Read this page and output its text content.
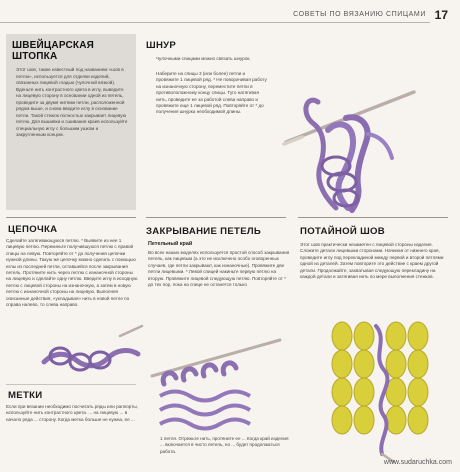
СОВЕТЫ ПО ВЯЗАНИЮ СПИЦАМИ 17
ШВЕЙЦАРСКАЯ ШТОПКА

Этот шов, также известный под названием «шов в петлю», используется для отделки изделий, связанных лицевой гладью (чулочной вязкой). Вденьте нить контрастного цвета в иглу, выведите на лицевую сторону в основании одной из петель, проведите за двумя нитями петли, расположенной рядом выше, и снова введите иглу в основание петли. Такой стежок полностью закрывает лицевую петлю. Для вышивки и сшивания краев используйте специальную иглу с большим ушком и закругленным концом.

ШНУР

Чулочными спицами можно связать шнурок.

Наберите на спицы 3 (или более) петли и провяжите 1 лицевой ряд. * Не поворачивая работу на изнаночную сторону, переместите петли в противоположному концу спицы. Туго натягивая нить, проведите ее за работой слева направо и провяжите еще 1 лицевой ряд. Повторяйте от * до получения шнурка необходимой длины.

ЦЕПОЧКА

Сделайте затягивающуюся петлю. * Выявите из нее 1 лицевую петлю. Перекиньте получившуюся петлю с правой спицы на левую. Повторяйте от * до получения цепочки нужной длины. Такую же цепочку можно сделать с помощью иглы из последней петли, оставшейся после закрывания петель. Протяните нить через петлю с изнаночной стороны на лицевую и сделайте одну петлю. Введите иглу в исходную петлю с лицевой стороны на изнаночную, а затем в новую петлю с изнаночной стороны на лицевую. Выполняя описанные действия, «укладывая» нить в новой петле по справа налево, то слева направо.

МЕТКИ

Если при вязании необходимо посчитать ряды или раппорты, используйте нить контрастного цвета. ... на лицевую ... в начало ряда ... сторону. Когда метка больше не нужна, ее ...

ЗАКРЫВАНИЕ ПЕТЕЛЬ
Петельный край

Во всех наших моделях используется простой способ закрывания петель, как лицевым (а это не исключено особо оговоренных случаев, где петли закрывают, как изнаночные). Провяжите две петли лицевыми. * Левой спицей накиньте первую петлю на вторую. Провяжите лицевой следующую петлю. Повторяйте от * до тех пор, пока на спице не останется только

1 петля. Отрежьте нить, протяните ее ... Когда край изделия ... включается в чисто петель, но ... будет продолжаться работа.

ПОТАЙНОЙ ШОВ

Этот шов практически незаметен с лицевой стороны изделия. Сложите детали лицевыми сторонами. Начиная от нижнего края, проведите иглу под перекладиной между первой и второй петлями одной из деталей. Затем повторите это действие с краем другой детали. Продолжайте, захватывая следующую перекладину на каждой детали и затягивая нить по мере выполнения стежков.

www.sudaruchka.com
